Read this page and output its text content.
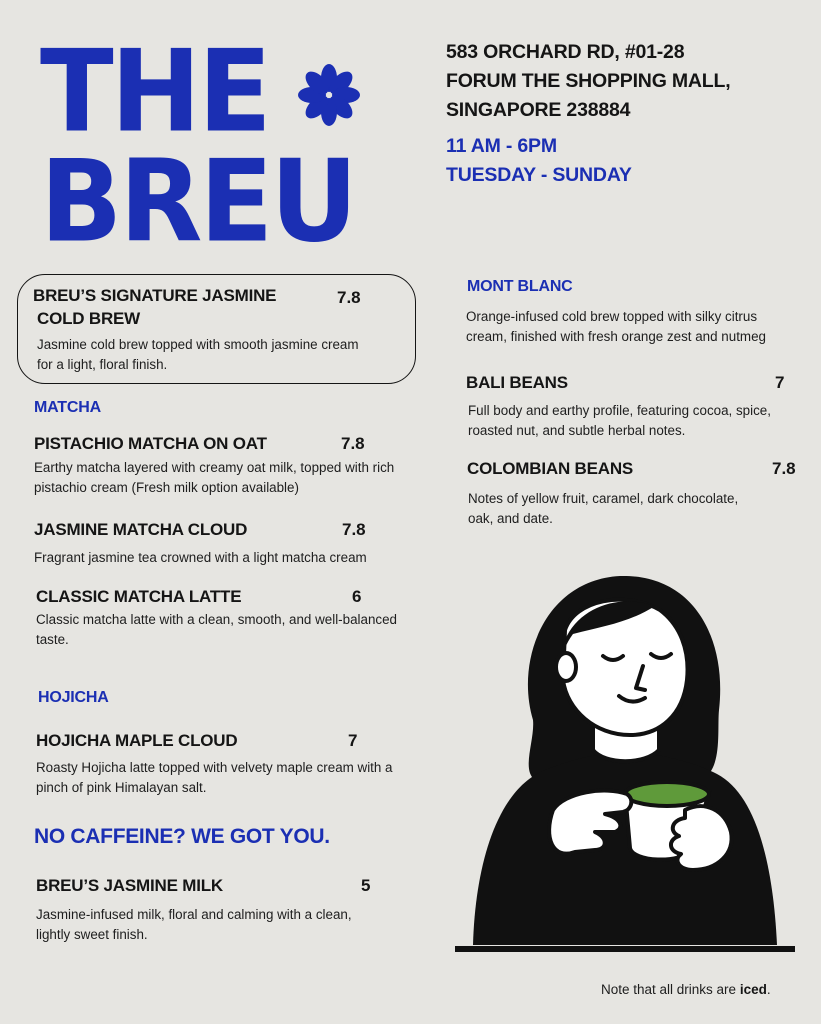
THE
BREU
583 ORCHARD RD, #01-28
FORUM THE SHOPPING MALL,
SINGAPORE 238884
11 AM - 6PM
TUESDAY - SUNDAY
BREU’S SIGNATURE JASMINE
COLD BREW
7.8
Jasmine cold brew topped with smooth jasmine cream
for a light, floral finish.
MATCHA
PISTACHIO MATCHA ON OAT	7.8
Earthy matcha layered with creamy oat milk, topped with rich
pistachio cream (Fresh milk option available)
JASMINE MATCHA CLOUD	7.8
Fragrant jasmine tea crowned with a light matcha cream
CLASSIC MATCHA LATTE	6
Classic matcha latte with a clean, smooth, and well-balanced
taste.
HOJICHA
HOJICHA MAPLE CLOUD	7
Roasty Hojicha latte topped with velvety maple cream with a
pinch of pink Himalayan salt.
NO CAFFEINE? WE GOT YOU.
BREU’S JASMINE MILK	5
Jasmine-infused milk, floral and calming with a clean,
lightly sweet finish.
MONT BLANC
Orange-infused cold brew topped with silky citrus
cream, finished with fresh orange zest and nutmeg
BALI BEANS	7
Full body and earthy profile, featuring cocoa, spice,
roasted nut, and subtle herbal notes.
COLOMBIAN BEANS	7.8
Notes of yellow fruit, caramel, dark chocolate,
oak, and date.
Note that all drinks are iced.
